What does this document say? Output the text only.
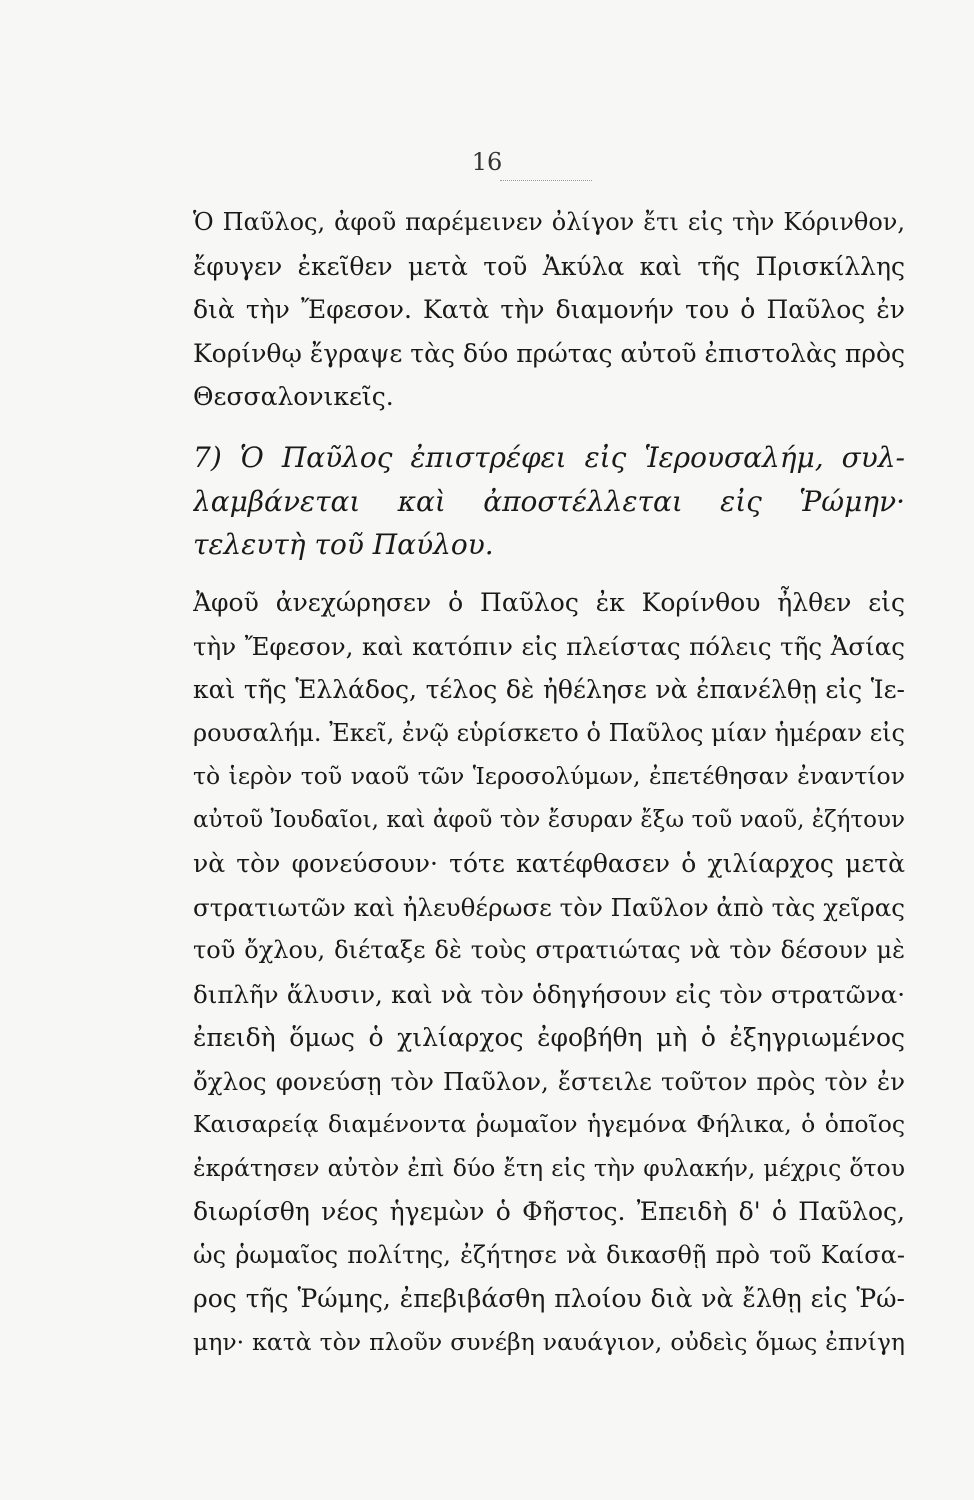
16
Ὁ Παῦλος, ἀφοῦ παρέμεινεν ὀλίγον ἔτι εἰς τὴν Κόρινθον,
ἔφυγεν ἐκεῖθεν μετὰ τοῦ Ἀκύλα καὶ τῆς Πρισκίλλης
διὰ τὴν Ἔφεσον. Κατὰ τὴν διαμονήν του ὁ Παῦλος ἐν
Κορίνθῳ ἔγραψε τὰς δύο πρώτας αὐτοῦ ἐπιστολὰς πρὸς
Θεσσαλονικεῖς.
7) Ὁ Παῦλος ἐπιστρέφει εἰς Ἱερουσαλήμ, συλ-
λαμβάνεται καὶ ἀποστέλλεται εἰς Ῥώμην·
τελευτὴ τοῦ Παύλου.
Ἀφοῦ ἀνεχώρησεν ὁ Παῦλος ἐκ Κορίνθου ἦλθεν εἰς
τὴν Ἔφεσον, καὶ κατόπιν εἰς πλείστας πόλεις τῆς Ἀσίας
καὶ τῆς Ἑλλάδος, τέλος δὲ ἠθέλησε νὰ ἐπανέλθῃ εἰς Ἱε-
ρουσαλήμ. Ἐκεῖ, ἐνῷ εὑρίσκετο ὁ Παῦλος μίαν ἡμέραν εἰς
τὸ ἱερὸν τοῦ ναοῦ τῶν Ἱεροσολύμων, ἐπετέθησαν ἐναντίον
αὐτοῦ Ἰουδαῖοι, καὶ ἀφοῦ τὸν ἔσυραν ἔξω τοῦ ναοῦ, ἐζήτουν
νὰ τὸν φονεύσουν· τότε κατέφθασεν ὁ χιλίαρχος μετὰ
στρατιωτῶν καὶ ἠλευθέρωσε τὸν Παῦλον ἀπὸ τὰς χεῖρας
τοῦ ὄχλου, διέταξε δὲ τοὺς στρατιώτας νὰ τὸν δέσουν μὲ
διπλῆν ἅλυσιν, καὶ νὰ τὸν ὁδηγήσουν εἰς τὸν στρατῶνα·
ἐπειδὴ ὅμως ὁ χιλίαρχος ἐφοβήθη μὴ ὁ ἐξηγριωμένος
ὄχλος φονεύσῃ τὸν Παῦλον, ἔστειλε τοῦτον πρὸς τὸν ἐν
Καισαρείᾳ διαμένοντα ῥωμαῖον ἡγεμόνα Φήλικα, ὁ ὁποῖος
ἐκράτησεν αὐτὸν ἐπὶ δύο ἔτη εἰς τὴν φυλακήν, μέχρις ὅτου
διωρίσθη νέος ἡγεμὼν ὁ Φῆστος. Ἐπειδὴ δ' ὁ Παῦλος,
ὡς ῥωμαῖος πολίτης, ἐζήτησε νὰ δικασθῇ πρὸ τοῦ Καίσα-
ρος τῆς Ῥώμης, ἐπεβιβάσθη πλοίου διὰ νὰ ἔλθῃ εἰς Ῥώ-
μην· κατὰ τὸν πλοῦν συνέβη ναυάγιον, οὐδεὶς ὅμως ἐπνίγη
